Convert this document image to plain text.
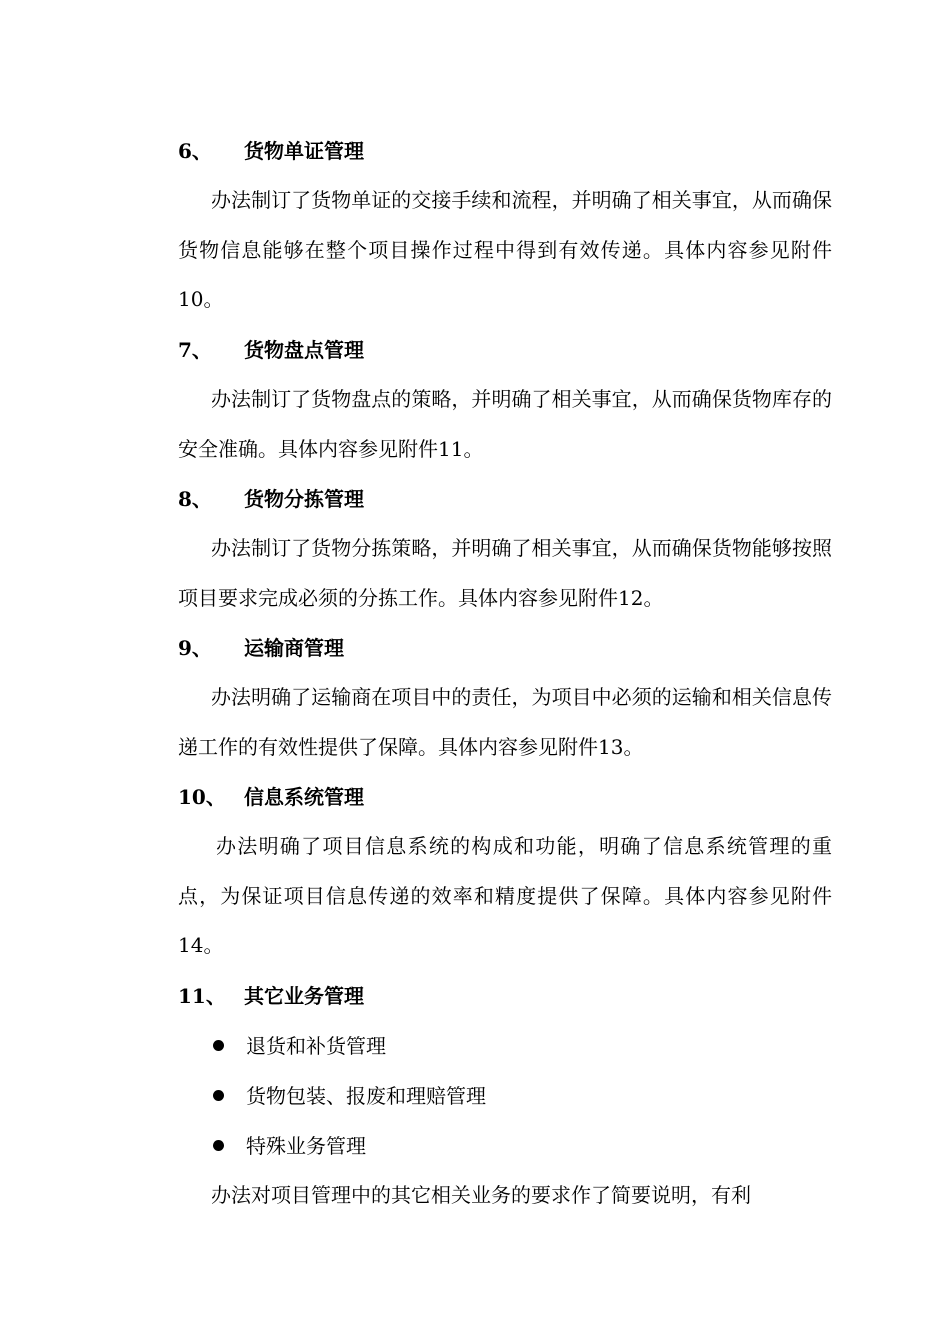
6、 货物单证管理

办法制订了货物单证的交接手续和流程，并明确了相关事宜，从而确保货物信息能够在整个项目操作过程中得到有效传递。具体内容参见附件10。

7、 货物盘点管理

办法制订了货物盘点的策略，并明确了相关事宜，从而确保货物库存的安全准确。具体内容参见附件11。

8、 货物分拣管理

办法制订了货物分拣策略，并明确了相关事宜，从而确保货物能够按照项目要求完成必须的分拣工作。具体内容参见附件12。

9、 运输商管理

办法明确了运输商在项目中的责任，为项目中必须的运输和相关信息传递工作的有效性提供了保障。具体内容参见附件13。

10、 信息系统管理

办法明确了项目信息系统的构成和功能，明确了信息系统管理的重点，为保证项目信息传递的效率和精度提供了保障。具体内容参见附件14。

11、 其它业务管理
退货和补货管理
货物包装、报废和理赔管理
特殊业务管理

办法对项目管理中的其它相关业务的要求作了简要说明，有利
